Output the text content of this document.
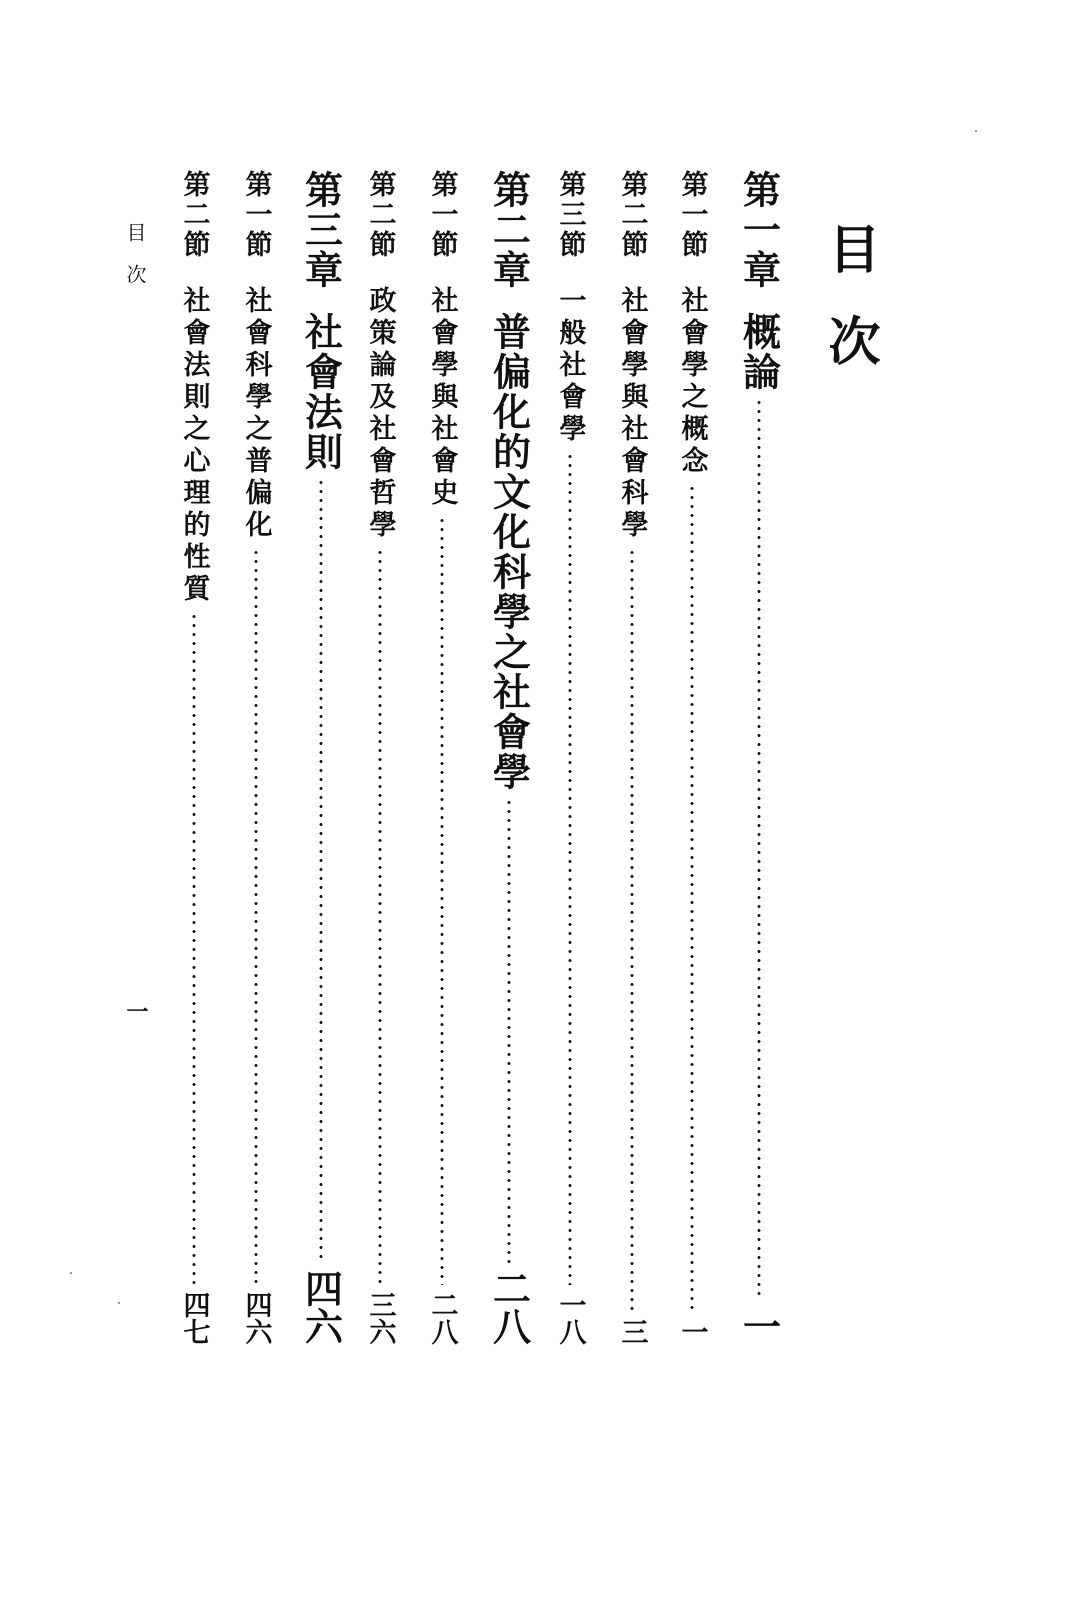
目次
第一章
概論
一
第一節
社會學之概念
一
第二節
社會學與社會科學
三
第三節
一般社會學
一八
第二章
普偏化的文化科學之社會學
二八
第一節
社會學與社會史
二八
第二節
政策論及社會哲學
三六
第三章
社會法則
四六
第一節
社會科學之普偏化
四六
第二節
社會法則之心理的性質
四七
目次
一
